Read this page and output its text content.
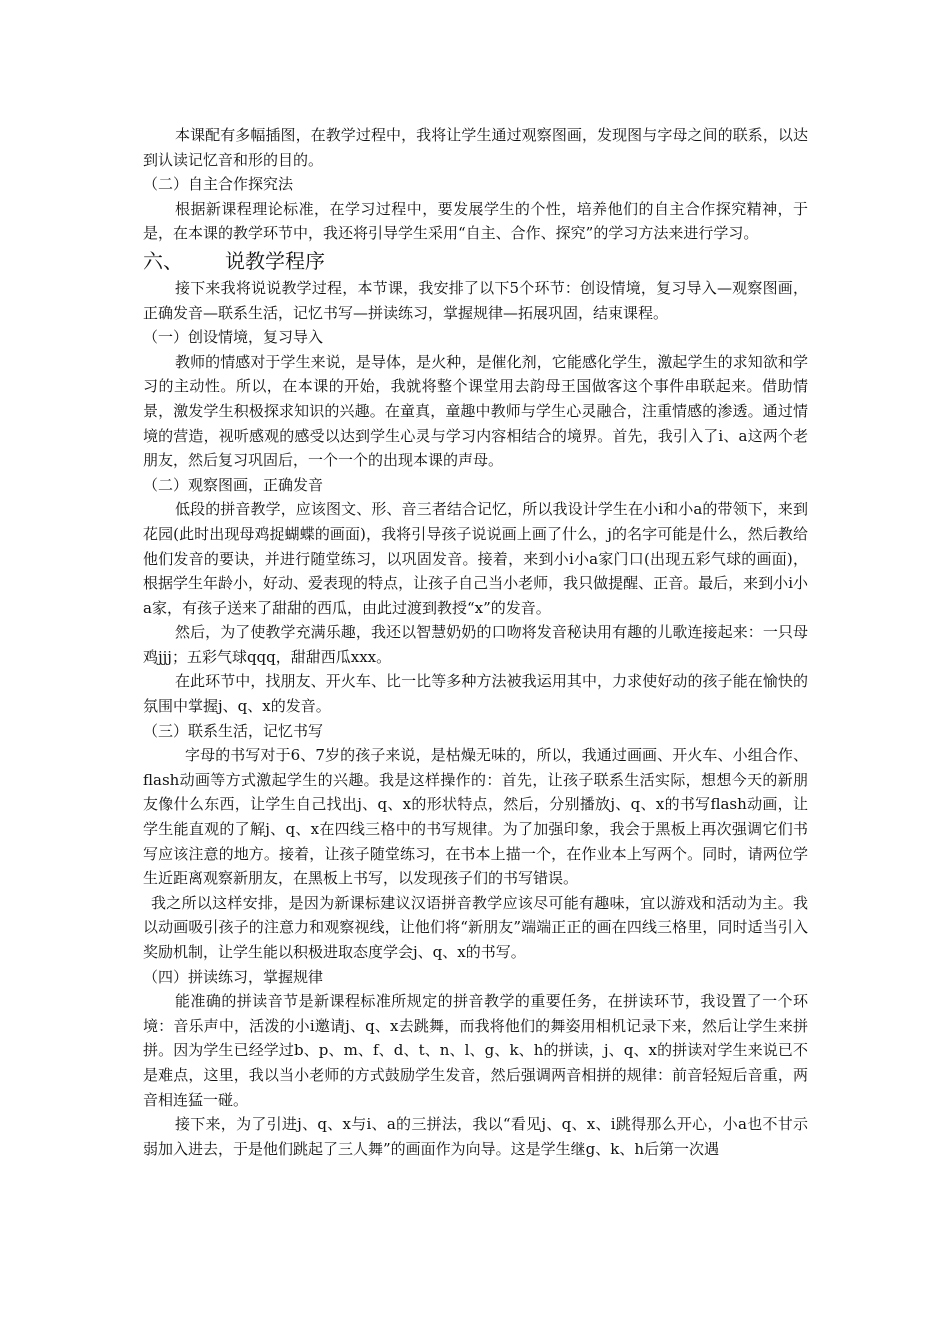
本课配有多幅插图，在教学过程中，我将让学生通过观察图画，发现图与字母之间的联系，以达到认读记忆音和形的目的。

（二）自主合作探究法

根据新课程理论标准，在学习过程中，要发展学生的个性，培养他们的自主合作探究精神，于是，在本课的教学环节中，我还将引导学生采用“自主、合作、探究”的学习方法来进行学习。

六、	说教学程序

接下来我将说说教学过程，本节课，我安排了以下5个环节：创设情境，复习导入—观察图画，正确发音—联系生活，记忆书写—拼读练习，掌握规律—拓展巩固，结束课程。

（一）创设情境，复习导入

教师的情感对于学生来说，是导体，是火种，是催化剂，它能感化学生，激起学生的求知欲和学习的主动性。所以，在本课的开始，我就将整个课堂用去韵母王国做客这个事件串联起来。借助情景，激发学生积极探求知识的兴趣。在童真，童趣中教师与学生心灵融合，注重情感的渗透。通过情境的营造，视听感观的感受以达到学生心灵与学习内容相结合的境界。首先，我引入了i、a这两个老朋友，然后复习巩固后，一个一个的出现本课的声母。

（二）观察图画，正确发音

低段的拼音教学，应该图文、形、音三者结合记忆，所以我设计学生在小i和小a的带领下，来到花园(此时出现母鸡捉蝴蝶的画面)，我将引导孩子说说画上画了什么，j的名字可能是什么，然后教给他们发音的要诀，并进行随堂练习，以巩固发音。接着，来到小i小a家门口(出现五彩气球的画面)，根据学生年龄小，好动、爱表现的特点，让孩子自己当小老师，我只做提醒、正音。最后，来到小i小a家，有孩子送来了甜甜的西瓜，由此过渡到教授“x”的发音。

然后，为了使教学充满乐趣，我还以智慧奶奶的口吻将发音秘诀用有趣的儿歌连接起来：一只母鸡jjj；五彩气球qqq，甜甜西瓜xxx。

在此环节中，找朋友、开火车、比一比等多种方法被我运用其中，力求使好动的孩子能在愉快的氛围中掌握j、q、x的发音。

（三）联系生活，记忆书写

字母的书写对于6、7岁的孩子来说，是枯燥无味的，所以，我通过画画、开火车、小组合作、flash动画等方式激起学生的兴趣。我是这样操作的：首先，让孩子联系生活实际，想想今天的新朋友像什么东西，让学生自己找出j、q、x的形状特点，然后，分别播放j、q、x的书写flash动画，让学生能直观的了解j、q、x在四线三格中的书写规律。为了加强印象，我会于黑板上再次强调它们书写应该注意的地方。接着，让孩子随堂练习，在书本上描一个，在作业本上写两个。同时，请两位学生近距离观察新朋友，在黑板上书写，以发现孩子们的书写错误。

我之所以这样安排，是因为新课标建议汉语拼音教学应该尽可能有趣味，宜以游戏和活动为主。我以动画吸引孩子的注意力和观察视线，让他们将“新朋友”端端正正的画在四线三格里，同时适当引入奖励机制，让学生能以积极进取态度学会j、q、x的书写。

（四）拼读练习，掌握规律

能准确的拼读音节是新课程标准所规定的拼音教学的重要任务，在拼读环节，我设置了一个环境：音乐声中，活泼的小i邀请j、q、x去跳舞，而我将他们的舞姿用相机记录下来，然后让学生来拼拼。因为学生已经学过b、p、m、f、d、t、n、l、g、k、h的拼读，j、q、x的拼读对学生来说已不是难点，这里，我以当小老师的方式鼓励学生发音，然后强调两音相拼的规律：前音轻短后音重，两音相连猛一碰。

接下来，为了引进j、q、x与i、a的三拼法，我以“看见j、q、x、i跳得那么开心，小a也不甘示弱加入进去，于是他们跳起了三人舞”的画面作为向导。这是学生继g、k、h后第一次遇
